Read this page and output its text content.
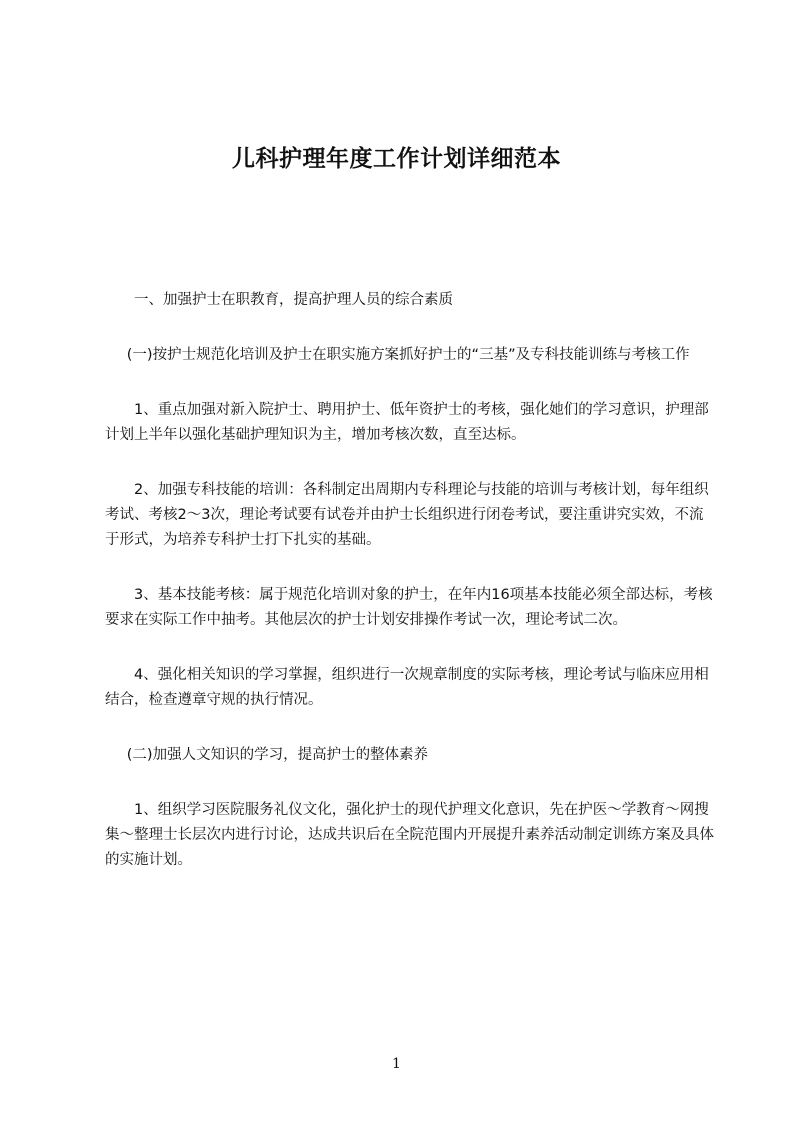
儿科护理年度工作计划详细范本

一、加强护士在职教育，提高护理人员的综合素质

(一)按护士规范化培训及护士在职实施方案抓好护士的“三基”及专科技能训练与考核工作

1、重点加强对新入院护士、聘用护士、低年资护士的考核，强化她们的学习意识，护理部计划上半年以强化基础护理知识为主，增加考核次数，直至达标。

2、加强专科技能的培训：各科制定出周期内专科理论与技能的培训与考核计划，每年组织考试、考核2～3次，理论考试要有试卷并由护士长组织进行闭卷考试，要注重讲究实效，不流于形式，为培养专科护士打下扎实的基础。

3、基本技能考核：属于规范化培训对象的护士，在年内16项基本技能必须全部达标，考核要求在实际工作中抽考。其他层次的护士计划安排操作考试一次，理论考试二次。

4、强化相关知识的学习掌握，组织进行一次规章制度的实际考核，理论考试与临床应用相结合，检查遵章守规的执行情况。

(二)加强人文知识的学习，提高护士的整体素养

1、组织学习医院服务礼仪文化，强化护士的现代护理文化意识，先在护医～学教育～网搜集～整理士长层次内进行讨论，达成共识后在全院范围内开展提升素养活动制定训练方案及具体的实施计划。

1
